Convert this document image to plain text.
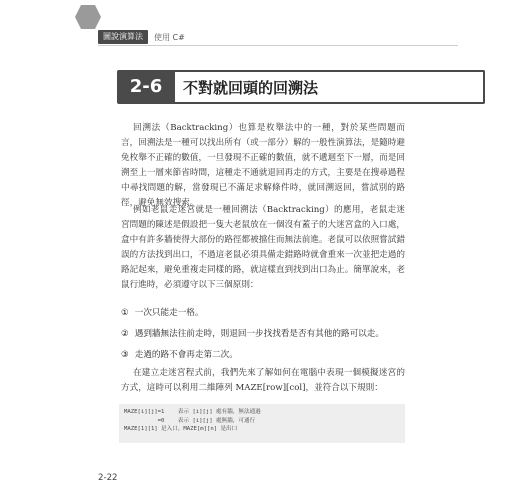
圖說演算法	使用 C#
2-6	不對就回頭的回溯法

回溯法（Backtracking）也算是枚舉法中的一種，對於某些問題而言，回溯法是一種可以找出所有（或一部分）解的一般性演算法，是隨時避免枚舉不正確的數值，一旦發現不正確的數值，就不遞迴至下一層，而是回溯至上一層來節省時間，這種走不通就退回再走的方式，主要是在搜尋過程中尋找問題的解，當發現已不滿足求解條件時，就回溯返回，嘗試別的路徑，避免無效搜索。

例如老鼠走迷宮就是一種回溯法（Backtracking）的應用，老鼠走迷宮問題的陳述是假設把一隻大老鼠放在一個沒有蓋子的大迷宮盒的入口處，盒中有許多牆使得大部份的路徑都被擋住而無法前進。老鼠可以依照嘗試錯誤的方法找到出口，不過這老鼠必須具備走錯路時就會重來一次並把走過的路記起來，避免重複走同樣的路，就這樣直到找到出口為止。簡單說來，老鼠行進時，必須遵守以下三個原則：

① 一次只能走一格。
② 遇到牆無法往前走時，則退回一步找找看是否有其他的路可以走。
③ 走過的路不會再走第二次。

在建立走迷宮程式前，我們先來了解如何在電腦中表現一個模擬迷宮的方式，這時可以利用二維陣列 MAZE[row][col]，並符合以下規則：

MAZE[i][j]=1    表示 [i][j] 處有牆，無法通過
=0    表示 [i][j] 處無牆，可通行
MAZE[1][1] 是入口，MAZE[m][n] 是出口
2-22
